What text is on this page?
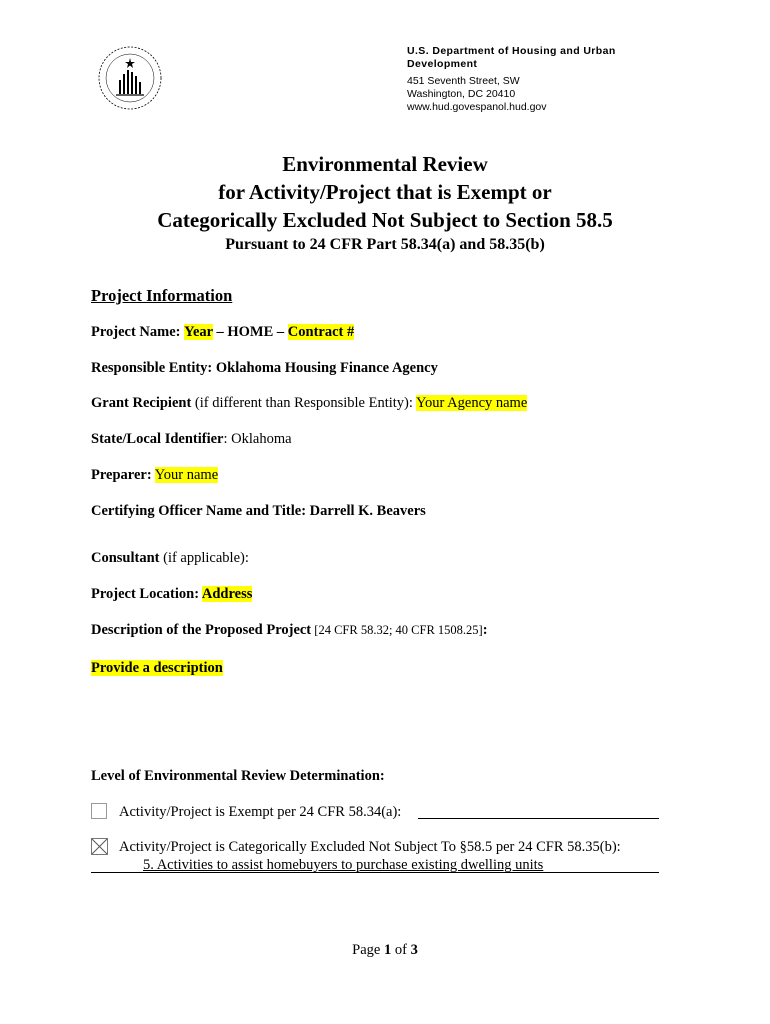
U.S. Department of Housing and Urban Development
451 Seventh Street, SW
Washington, DC 20410
www.hud.govespanol.hud.gov
Environmental Review
for Activity/Project that is Exempt or
Categorically Excluded Not Subject to Section 58.5
Pursuant to 24 CFR Part 58.34(a) and 58.35(b)
Project Information
Project Name: Year – HOME – Contract #
Responsible Entity: Oklahoma Housing Finance Agency
Grant Recipient (if different than Responsible Entity): Your Agency name
State/Local Identifier: Oklahoma
Preparer: Your name
Certifying Officer Name and Title: Darrell K. Beavers
Consultant (if applicable):
Project Location: Address
Description of the Proposed Project [24 CFR 58.32; 40 CFR 1508.25]:
Provide a description
Level of Environmental Review Determination:
Activity/Project is Exempt per 24 CFR 58.34(a):
Activity/Project is Categorically Excluded Not Subject To §58.5 per 24 CFR 58.35(b):
5. Activities to assist homebuyers to purchase existing dwelling units
Page 1 of 3
